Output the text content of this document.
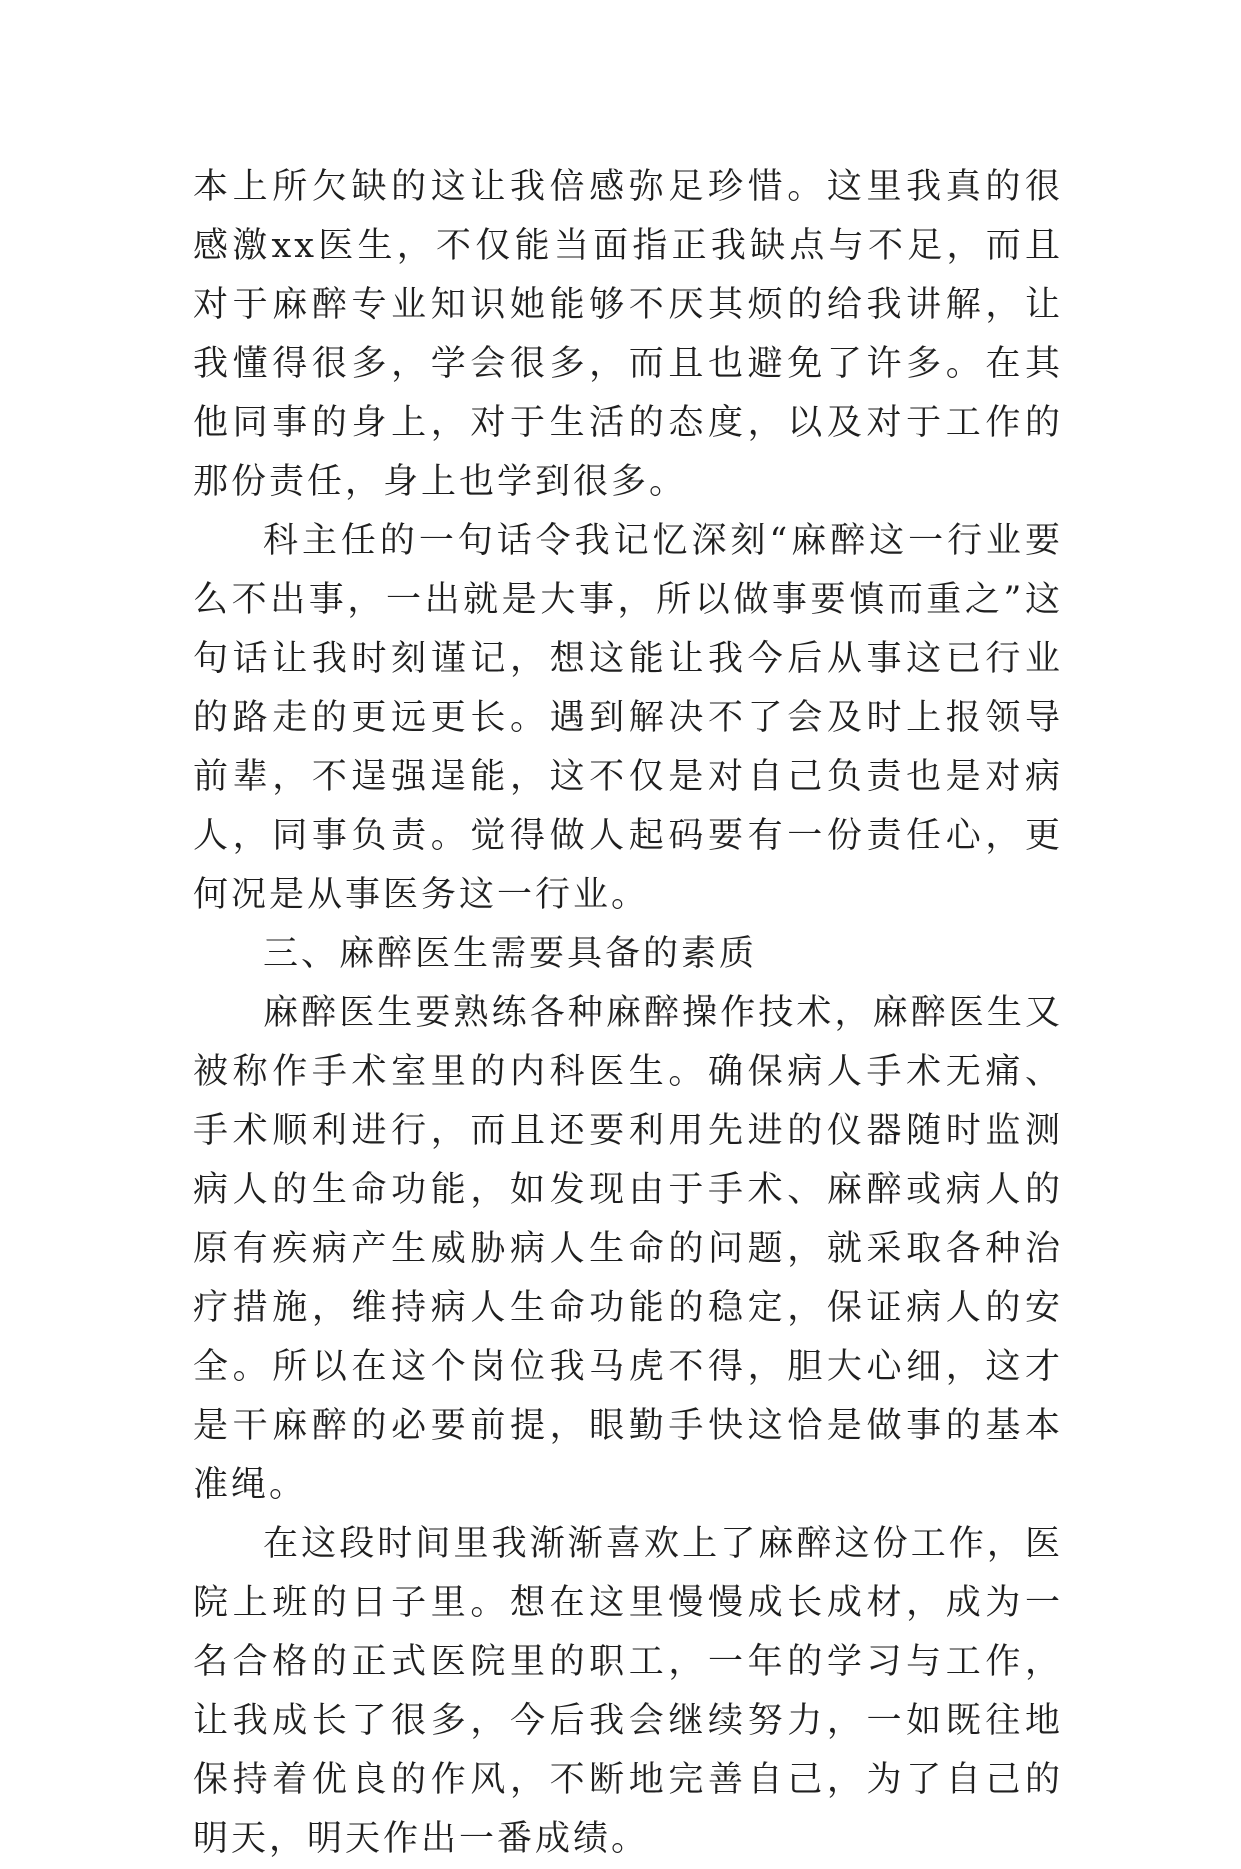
本上所欠缺的这让我倍感弥足珍惜。这里我真的很感激xx医生，不仅能当面指正我缺点与不足，而且对于麻醉专业知识她能够不厌其烦的给我讲解，让我懂得很多，学会很多，而且也避免了许多。在其他同事的身上，对于生活的态度，以及对于工作的那份责任，身上也学到很多。

科主任的一句话令我记忆深刻“麻醉这一行业要么不出事，一出就是大事，所以做事要慎而重之”这句话让我时刻谨记，想这能让我今后从事这已行业的路走的更远更长。遇到解决不了会及时上报领导前辈，不逞强逞能，这不仅是对自己负责也是对病人，同事负责。觉得做人起码要有一份责任心，更何况是从事医务这一行业。

三、麻醉医生需要具备的素质

麻醉医生要熟练各种麻醉操作技术，麻醉医生又被称作手术室里的内科医生。确保病人手术无痛、手术顺利进行，而且还要利用先进的仪器随时监测病人的生命功能，如发现由于手术、麻醉或病人的原有疾病产生威胁病人生命的问题，就采取各种治疗措施，维持病人生命功能的稳定，保证病人的安全。所以在这个岗位我马虎不得，胆大心细，这才是干麻醉的必要前提，眼勤手快这恰是做事的基本准绳。

在这段时间里我渐渐喜欢上了麻醉这份工作，医院上班的日子里。想在这里慢慢成长成材，成为一名合格的正式医院里的职工，一年的学习与工作，让我成长了很多，今后我会继续努力，一如既往地保持着优良的作风，不断地完善自己，为了自己的明天，明天作出一番成绩。
